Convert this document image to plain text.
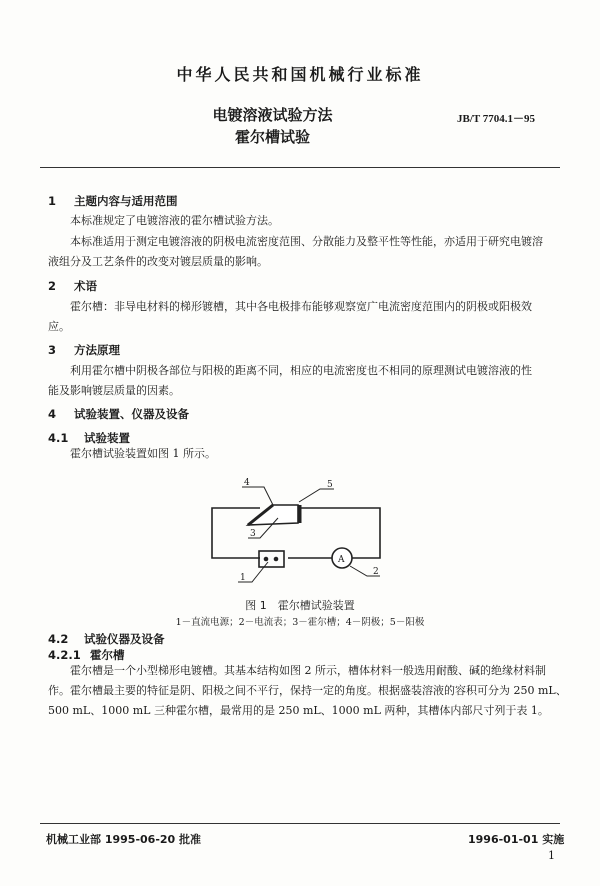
中华人民共和国机械行业标准
电镀溶液试验方法
霍尔槽试验
JB/T 7704.1－95
1 主题内容与适用范围
本标准规定了电镀溶液的霍尔槽试验方法。
本标准适用于测定电镀溶液的阴极电流密度范围、分散能力及整平性等性能，亦适用于研究电镀溶
液组分及工艺条件的改变对镀层质量的影响。
2 术语
霍尔槽：非导电材料的梯形镀槽，其中各电极排布能够观察宽广电流密度范围内的阴极或阳极效
应。
3 方法原理
利用霍尔槽中阴极各部位与阳极的距离不同，相应的电流密度也不相同的原理测试电镀溶液的性
能及影响镀层质量的因素。
4 试验装置、仪器及设备
4.1 试验装置
霍尔槽试验装置如图 1 所示。
A
1
2
3
4	5
图 1　霍尔槽试验装置
1－直流电源；2－电流表；3－霍尔槽；4－阴极；5－阳极
4.2 试验仪器及设备
4.2.1 霍尔槽
霍尔槽是一个小型梯形电镀槽。其基本结构如图 2 所示，槽体材料一般选用耐酸、碱的绝缘材料制
作。霍尔槽最主要的特征是阴、阳极之间不平行，保持一定的角度。根据盛装溶液的容积可分为 250 mL、
500 mL、1000 mL 三种霍尔槽，最常用的是 250 mL、1000 mL 两种，其槽体内部尺寸列于表 1。
机械工业部 1995-06-20 批准	1996-01-01 实施
1
